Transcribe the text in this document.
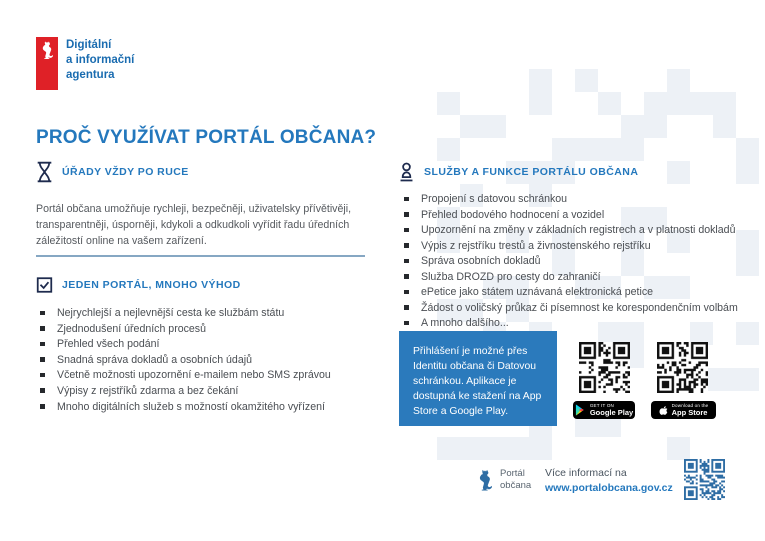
Digitální
a informační
agentura
PROČ VYUŽÍVAT PORTÁL OBČANA?
ÚŘADY VŽDY PO RUCE

Portál občana umožňuje rychleji, bezpečněji, uživatelsky přívětivěji, transparentněji, úsporněji, kdykoli a odkudkoli vyřídit řadu úředních záležitostí online na vašem zařízení.

JEDEN PORTÁL, MNOHO VÝHOD
Nejrychlejší a nejlevnější cesta ke službám státu
Zjednodušení úředních procesů
Přehled všech podání
Snadná správa dokladů a osobních údajů
Včetně možnosti upozornění e-mailem nebo SMS zprávou
Výpisy z rejstříků zdarma a bez čekání
Mnoho digitálních služeb s možností okamžitého vyřízení
SLUŽBY A FUNKCE PORTÁLU OBČANA
Propojení s datovou schránkou
Přehled bodového hodnocení a vozidel
Upozornění na změny v základních registrech a v platnosti dokladů
Výpis z rejstříku trestů a živnostenského rejstříku
Správa osobních dokladů
Služba DROZD pro cesty do zahraničí
ePetice jako státem uznávaná elektronická petice
Žádost o voličský průkaz či písemnost ke korespondenčním volbám
A mnoho dalšího...
Přihlášení je možné přes Identitu občana či Datovou schránkou. Aplikace je dostupná ke stažení na App Store a Google Play.
GET IT ON
Google Play
Download on the
App Store
Portál
občana
Více informací na
www.portalobcana.gov.cz
